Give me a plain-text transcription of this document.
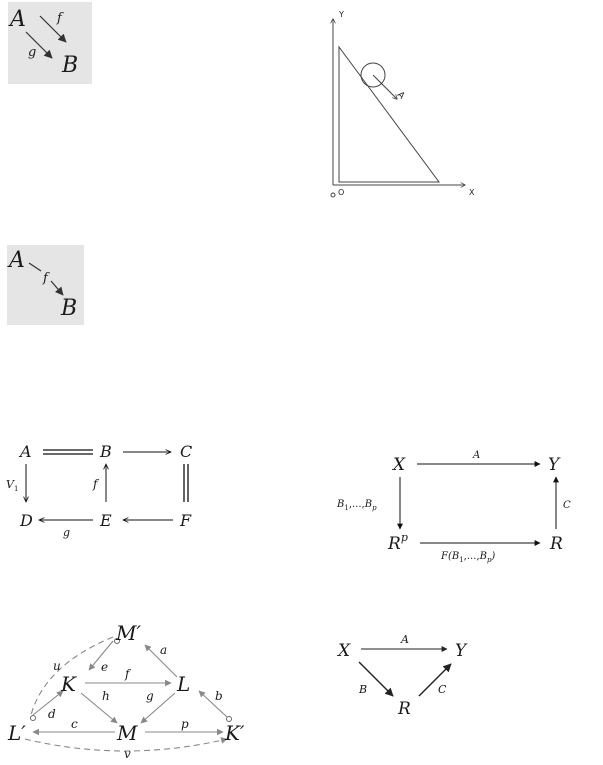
A
B
f
g
Y
X
O
A
A
B
f
A	B	C
D	E	F
$V_1$	f
g
X	Y
$R^p$	R
A
C
$B_1,...,B_p$
$F(B_1,...,B_p)$
M′
K	L
L′	M	K′
u
a
e f
h	g	b
d
c	p
v
X	Y
R
A
B	C
